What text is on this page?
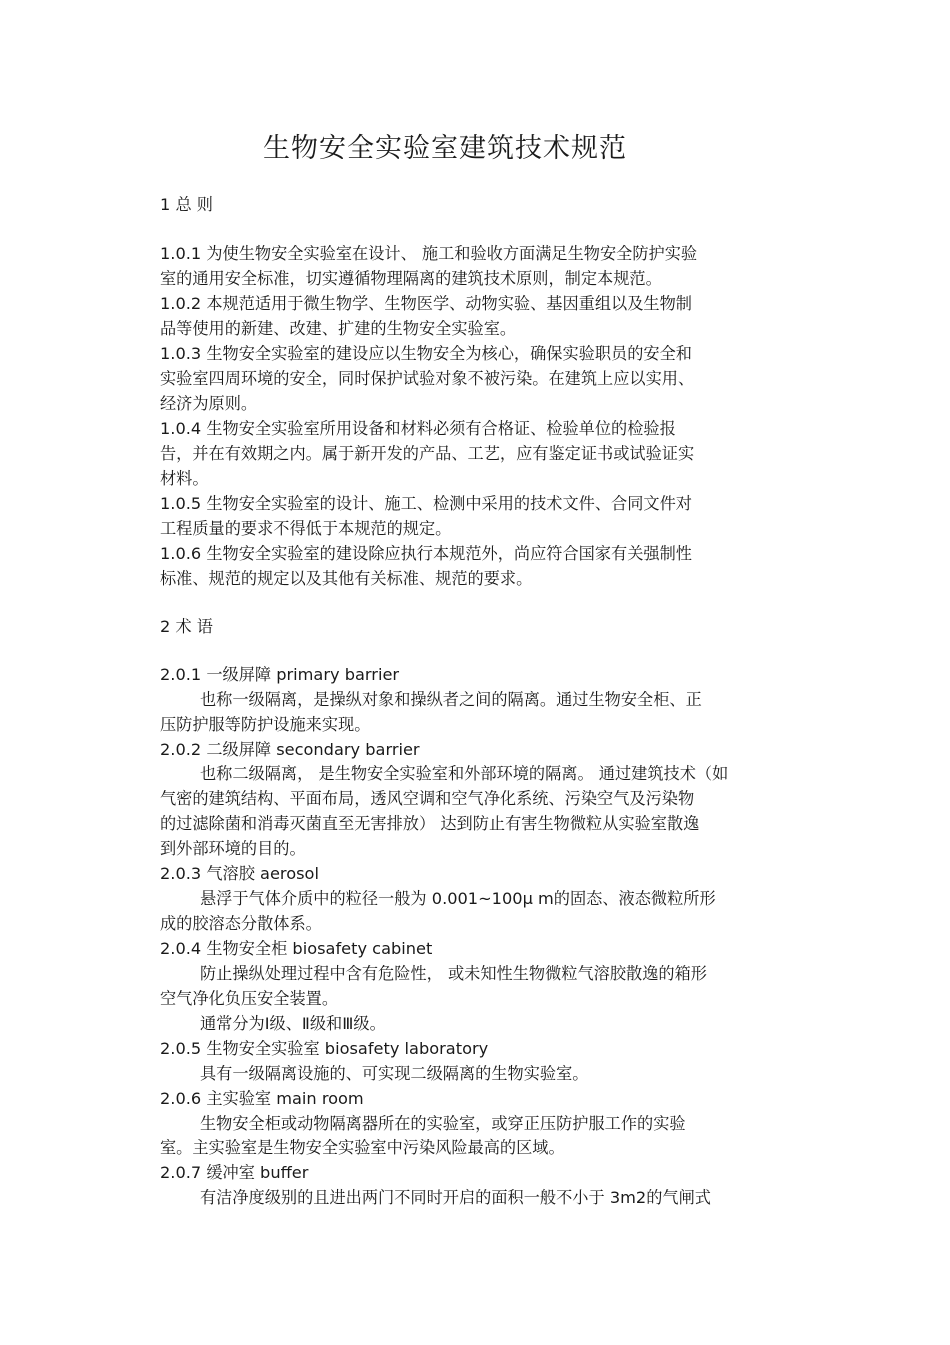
生物安全实验室建筑技术规范
1 总 则
1.0.1 为使生物安全实验室在设计、 施工和验收方面满足生物安全防护实验
室的通用安全标准，切实遵循物理隔离的建筑技术原则，制定本规范。
1.0.2 本规范适用于微生物学、生物医学、动物实验、基因重组以及生物制
品等使用的新建、改建、扩建的生物安全实验室。
1.0.3 生物安全实验室的建设应以生物安全为核心，确保实验职员的安全和
实验室四周环境的安全，同时保护试验对象不被污染。在建筑上应以实用、
经济为原则。
1.0.4 生物安全实验室所用设备和材料必须有合格证、检验单位的检验报
告，并在有效期之内。属于新开发的产品、工艺，应有鉴定证书或试验证实
材料。
1.0.5 生物安全实验室的设计、施工、检测中采用的技术文件、合同文件对
工程质量的要求不得低于本规范的规定。
1.0.6 生物安全实验室的建设除应执行本规范外，尚应符合国家有关强制性
标准、规范的规定以及其他有关标准、规范的要求。
2 术 语
2.0.1 一级屏障 primary barrier
也称一级隔离，是操纵对象和操纵者之间的隔离。通过生物安全柜、正
压防护服等防护设施来实现。
2.0.2 二级屏障 secondary barrier
也称二级隔离， 是生物安全实验室和外部环境的隔离。 通过建筑技术（如
气密的建筑结构、平面布局，透风空调和空气净化系统、污染空气及污染物
的过滤除菌和消毒灭菌直至无害排放） 达到防止有害生物微粒从实验室散逸
到外部环境的目的。
2.0.3 气溶胶 aerosol
悬浮于气体介质中的粒径一般为 0.001~100μ m的固态、液态微粒所形
成的胶溶态分散体系。
2.0.4 生物安全柜 biosafety cabinet
防止操纵处理过程中含有危险性， 或未知性生物微粒气溶胶散逸的箱形
空气净化负压安全装置。
通常分为Ⅰ级、Ⅱ级和Ⅲ级。
2.0.5 生物安全实验室 biosafety laboratory
具有一级隔离设施的、可实现二级隔离的生物实验室。
2.0.6 主实验室 main room
生物安全柜或动物隔离器所在的实验室，或穿正压防护服工作的实验
室。主实验室是生物安全实验室中污染风险最高的区域。
2.0.7 缓冲室 buffer
有洁净度级别的且进出两门不同时开启的面积一般不小于 3m2的气闸式
